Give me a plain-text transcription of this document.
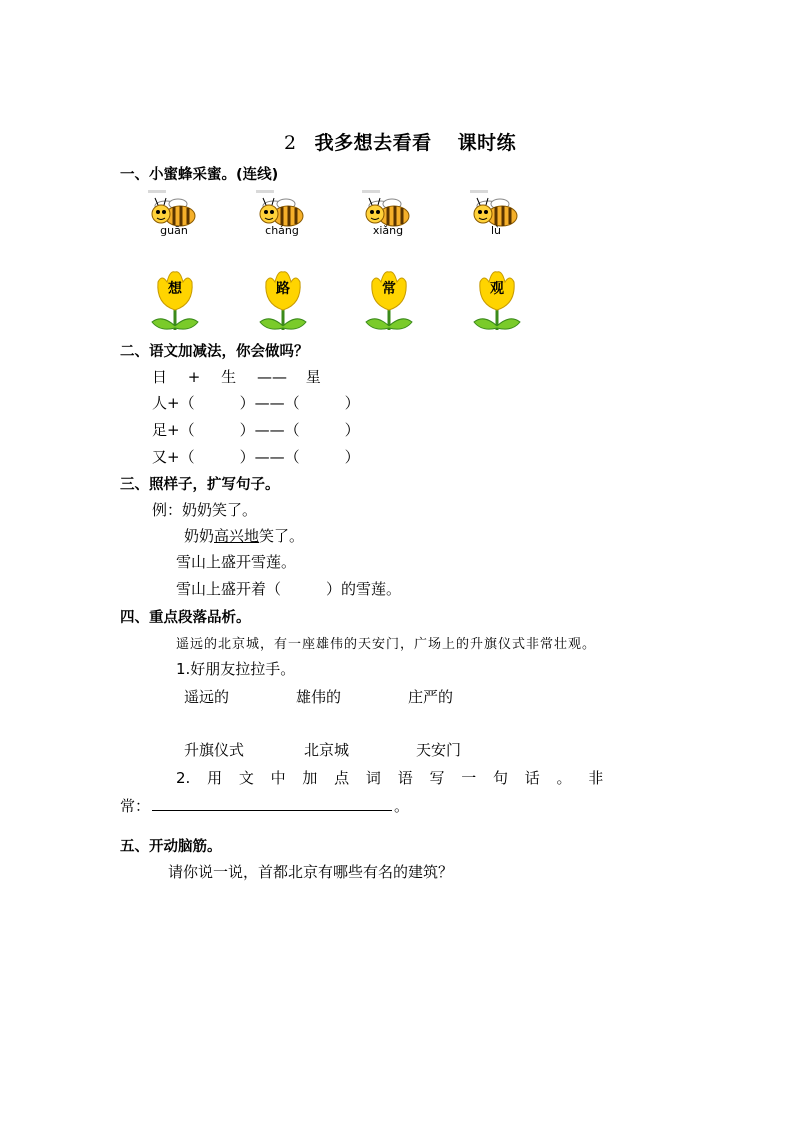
2 我多想去看看 课时练
一、小蜜蜂采蜜。(连线)
guān	cháng	xiǎng	lù
想	路	常	观
二、语文加减法，你会做吗？
日 + 生 —— 星
人+（　　　）——（　　　）
足+（　　　）——（　　　）
又+（　　　）——（　　　）
三、照样子，扩写句子。
例：奶奶笑了。
奶奶高兴地笑了。
雪山上盛开雪莲。
雪山上盛开着（　　　）的雪莲。
四、重点段落品析。
遥远的北京城，有一座雄伟的天安门，广场上的升旗仪式非常壮观。
1.好朋友拉拉手。
遥远的	雄伟的	庄严的
升旗仪式	北京城	天安门
2. 用 文 中 加 点 词 语 写 一 句 话 。 非
常：	。
五、开动脑筋。
请你说一说，首都北京有哪些有名的建筑？
